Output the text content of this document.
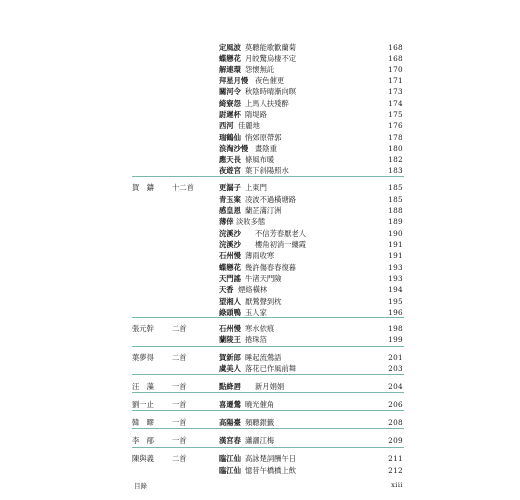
定風波 莫聽能歌歡蘭菊	168
蝶戀花 月皎驚烏棲不定	168
解連環 怨懷無託	170
拜星月慢 夜色催更	171
關河令 秋陰時晴漸向暝	173
綺寮怨 上馬人扶殘醉	174
尉遲杯 隋堤路	175
西河 佳麗地	176
瑞鶴仙 悄郊原帶郭	178
浪淘沙慢 晝陰重	180
應天長 條風布暖	182
夜遊宮 葉下斜陽照水	183
賀　鑄 十二首	更漏子 上東門	185
青玉案 凌波不過橫塘路	185
感皇恩 蘭芷滿汀洲	188
薄倖 淡妝多態	189
浣溪沙 不信芳春厭老人	190
浣溪沙 樓角初消一縷霞	191
石州慢 薄雨收寒	191
蝶戀花 幾許傷春春復暮	193
天門謠 牛渚天門險	193
天香 煙絡橫林	194
望湘人 厭鶯聲到枕	195
綠頭鴨 玉人家	196
張元幹 二首	石州慢 寒水依痕	198
蘭陵王 捲珠箔	199
葉夢得 二首	賀新郎 睡起流鶯語	201
虞美人 落花已作風前舞	203
汪　藻 一首	點絳唇 新月娟娟	204
劉一止 一首	喜遷鶯 曉光催角	206
韓　疁 一首	高陽臺 頻聽銀籤	208
李　邴 一首	漢宮春 瀟灑江梅	209
陳與義 二首	臨江仙 高詠楚詞酬午日	211
臨江仙 憶昔午橋橋上飲	212
目錄	xiii
